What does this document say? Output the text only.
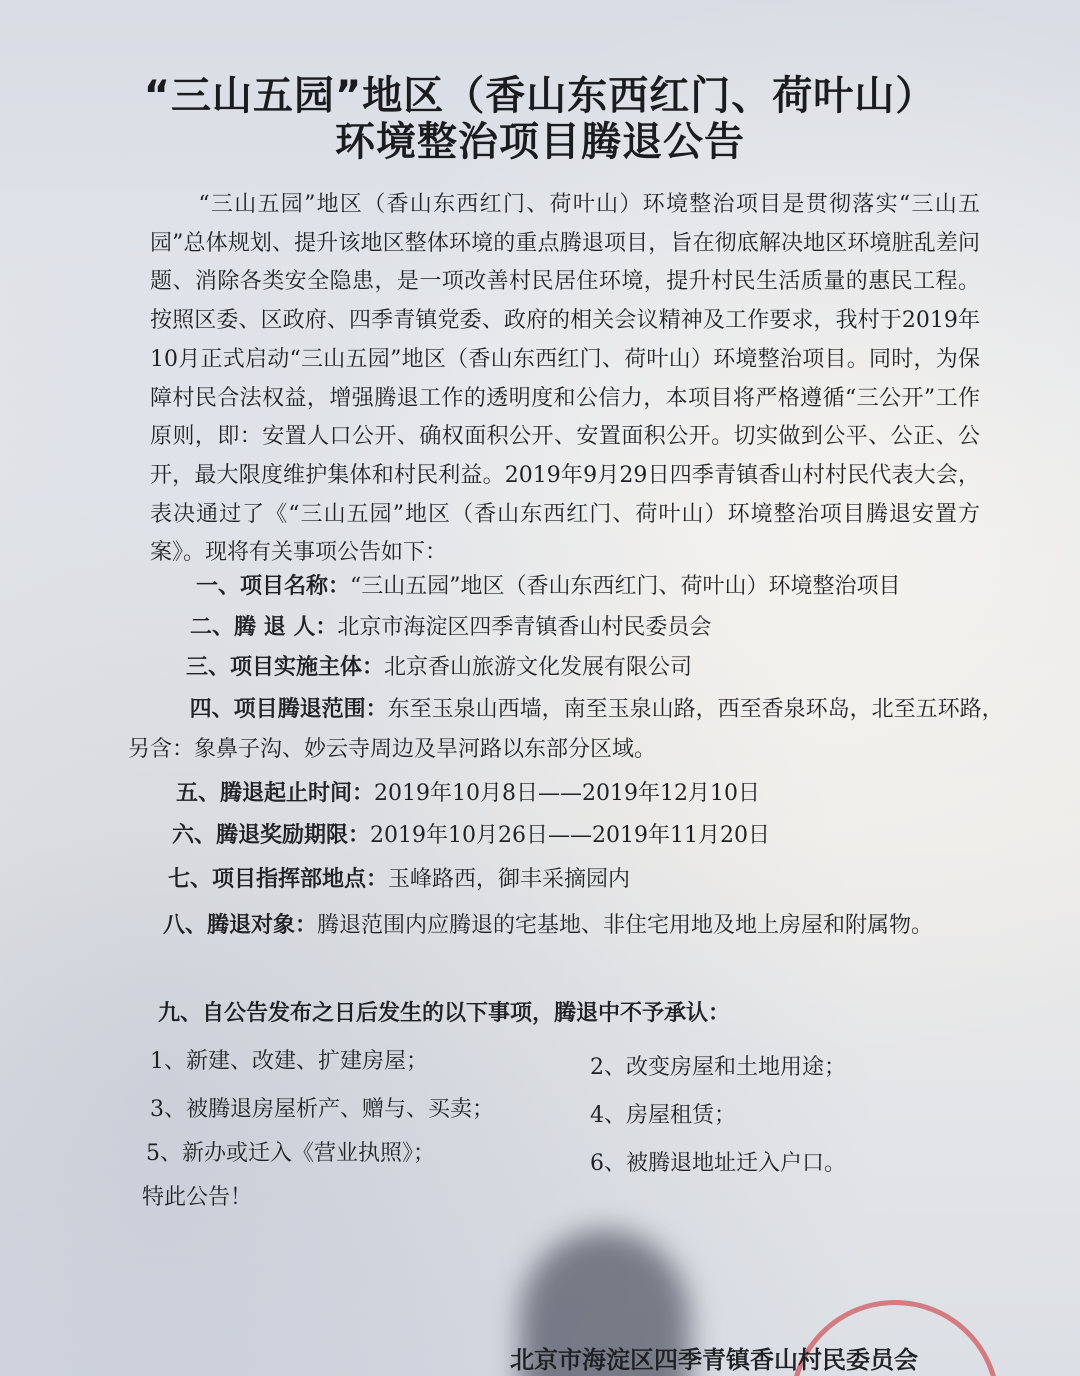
“三山五园”地区（香山东西红门、荷叶山）
环境整治项目腾退公告

“三山五园”地区（香山东西红门、荷叶山）环境整治项目是贯彻落实“三山五园”总体规划、提升该地区整体环境的重点腾退项目，旨在彻底解决地区环境脏乱差问题、消除各类安全隐患，是一项改善村民居住环境，提升村民生活质量的惠民工程。按照区委、区政府、四季青镇党委、政府的相关会议精神及工作要求，我村于2019年10月正式启动“三山五园”地区（香山东西红门、荷叶山）环境整治项目。同时，为保障村民合法权益，增强腾退工作的透明度和公信力，本项目将严格遵循“三公开”工作原则，即：安置人口公开、确权面积公开、安置面积公开。切实做到公平、公正、公开，最大限度维护集体和村民利益。2019年9月29日四季青镇香山村村民代表大会，表决通过了《“三山五园”地区（香山东西红门、荷叶山）环境整治项目腾退安置方案》。现将有关事项公告如下：

一、项目名称：“三山五园”地区（香山东西红门、荷叶山）环境整治项目

二、腾 退 人：北京市海淀区四季青镇香山村民委员会

三、项目实施主体：北京香山旅游文化发展有限公司

四、项目腾退范围：东至玉泉山西墙，南至玉泉山路，西至香泉环岛，北至五环路，另含：象鼻子沟、妙云寺周边及旱河路以东部分区域。

五、腾退起止时间：2019年10月8日——2019年12月10日

六、腾退奖励期限：2019年10月26日——2019年11月20日

七、项目指挥部地点：玉峰路西，御丰采摘园内

八、腾退对象：腾退范围内应腾退的宅基地、非住宅用地及地上房屋和附属物。

九、自公告发布之日后发生的以下事项，腾退中不予承认：

1、新建、改建、扩建房屋；	2、改变房屋和土地用途；

3、被腾退房屋析产、赠与、买卖；	4、房屋租赁；

5、新办或迁入《营业执照》；	6、被腾退地址迁入户口。

特此公告！

北京市海淀区四季青镇香山村民委员会
